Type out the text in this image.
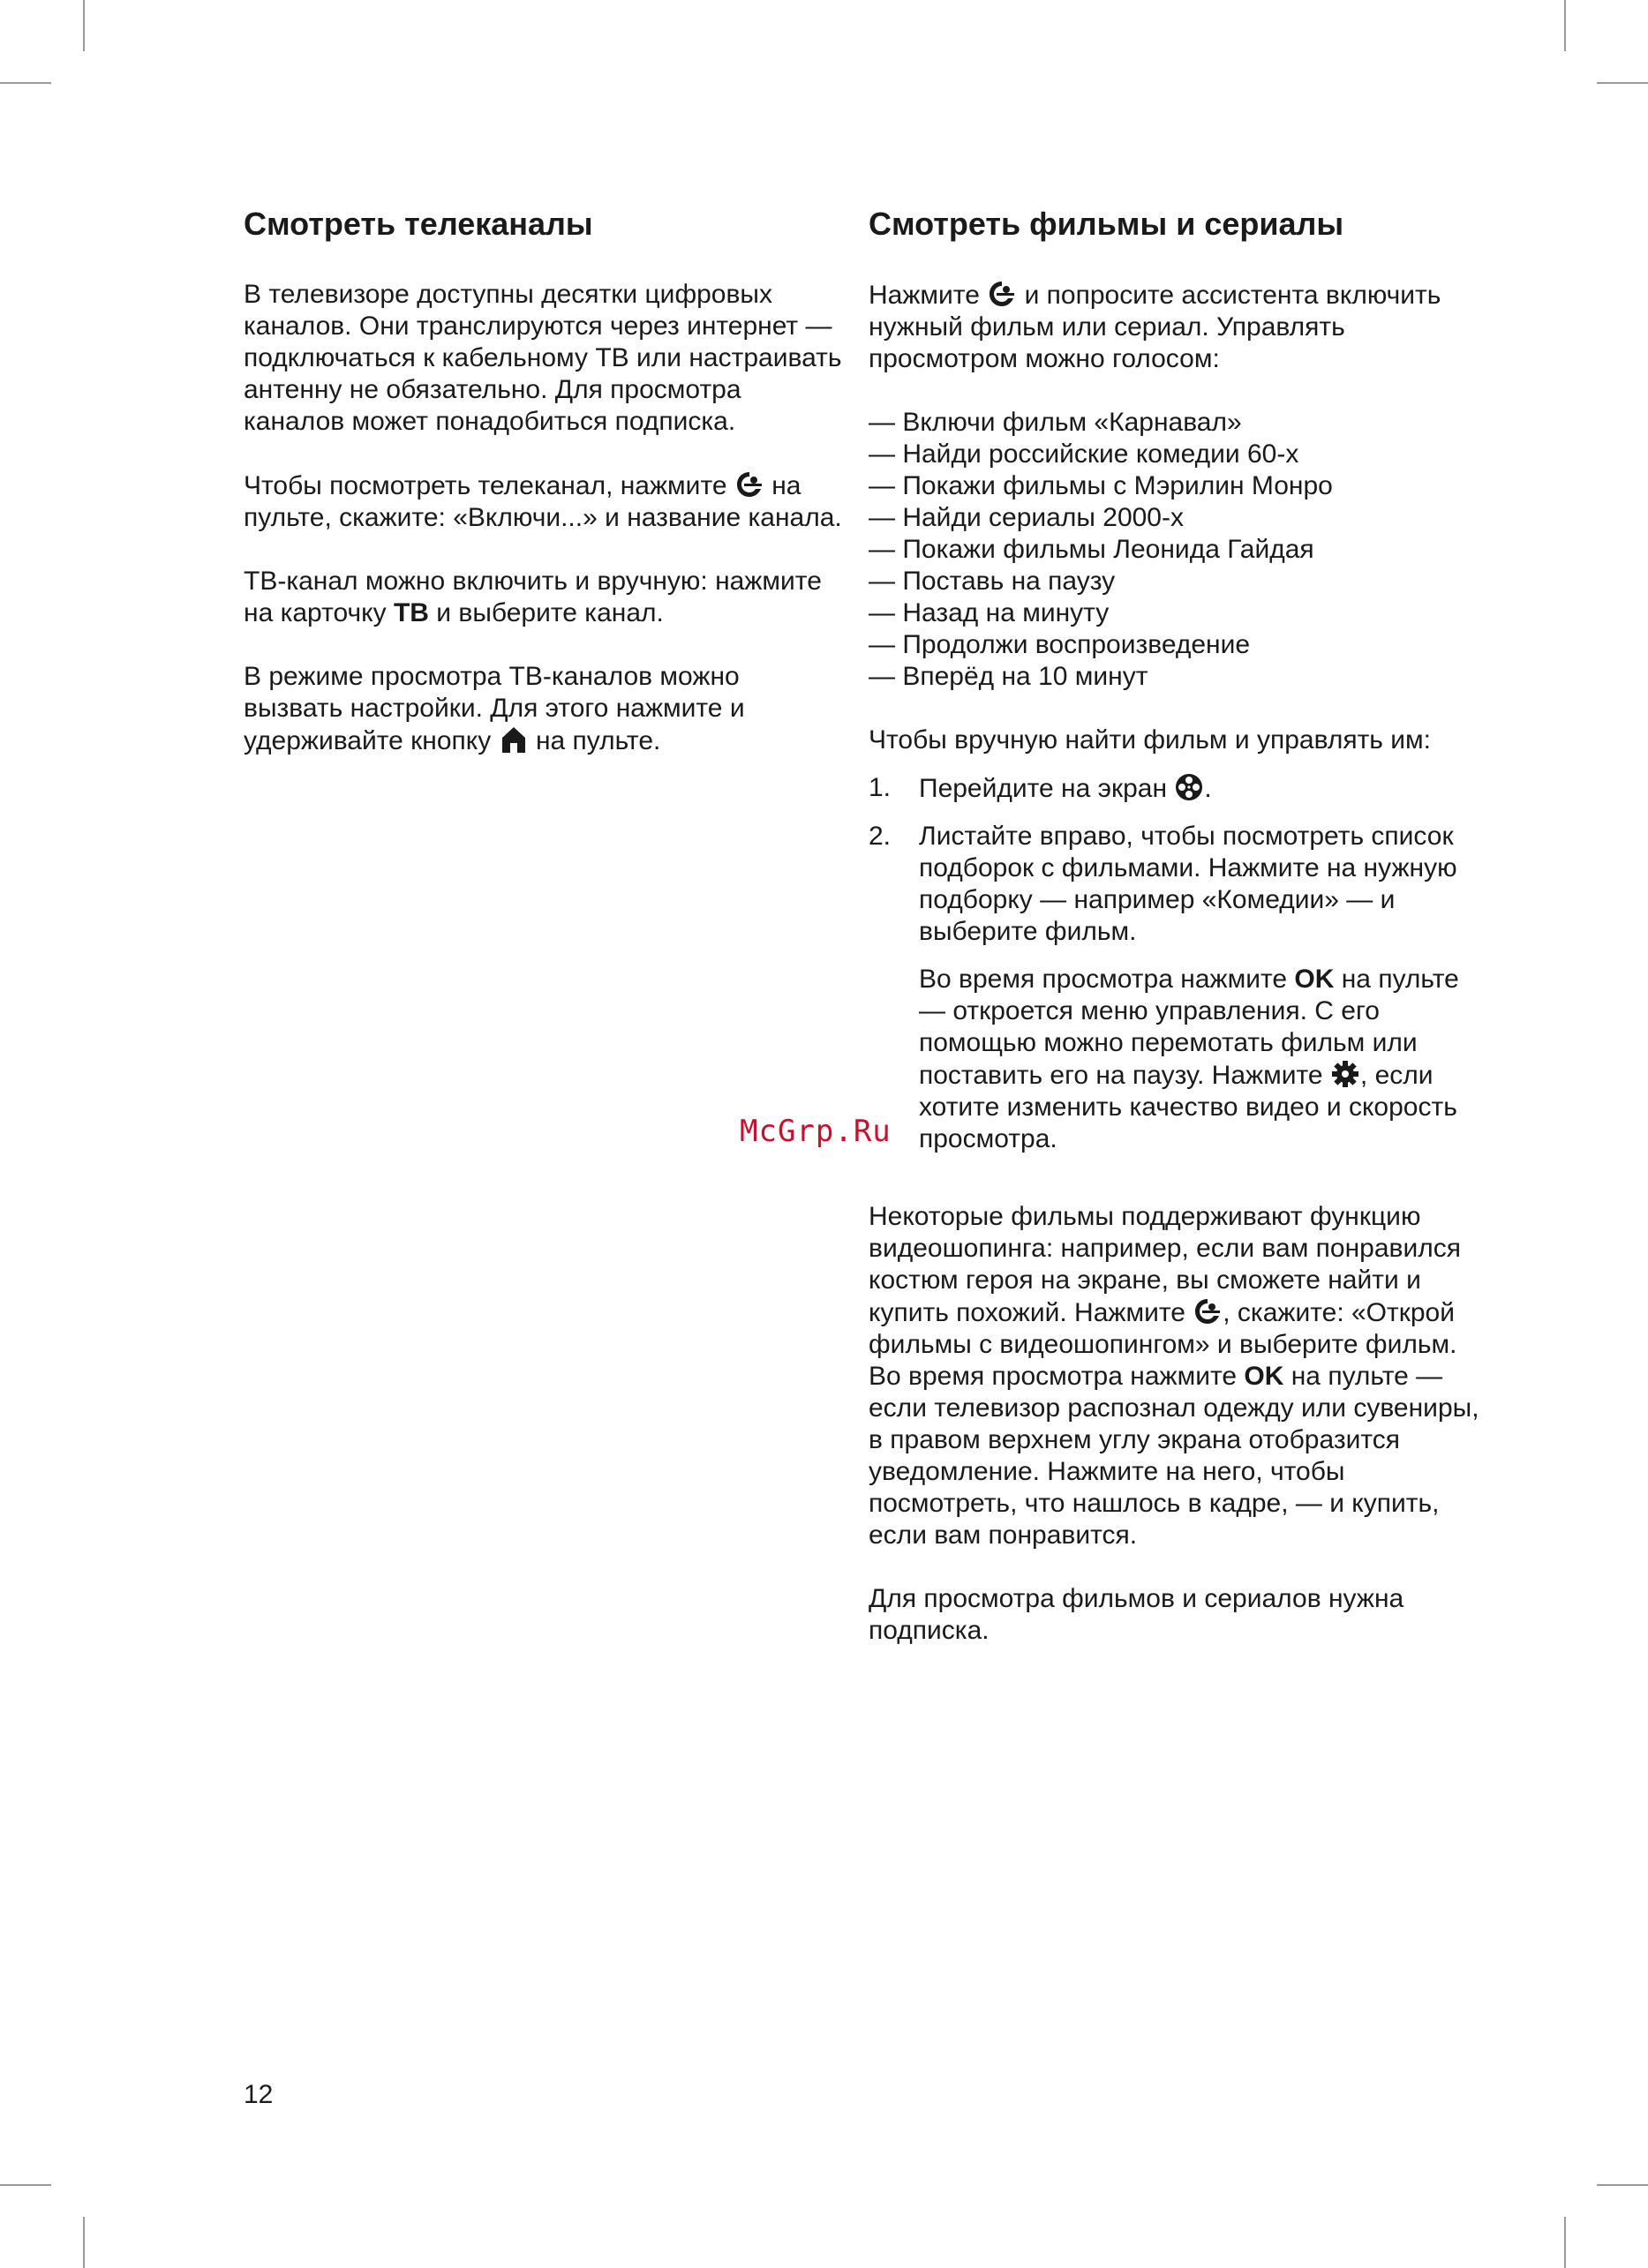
Смотреть телеканалы

В телевизоре доступны десятки цифровых каналов. Они транслируются через интернет — подключаться к кабельному ТВ или настраивать антенну не обязательно. Для просмотра каналов может понадобиться подписка.

Чтобы посмотреть телеканал, нажмите на пульте, скажите: «Включи...» и название канала.

ТВ-канал можно включить и вручную: нажмите на карточку ТВ и выберите канал.

В режиме просмотра ТВ-каналов можно вызвать настройки. Для этого нажмите и удерживайте кнопку на пульте.

Смотреть фильмы и сериалы

Нажмите и попросите ассистента включить нужный фильм или сериал. Управлять просмотром можно голосом:

— Включи фильм «Карнавал»
— Найди российские комедии 60-х
— Покажи фильмы с Мэрилин Монро
— Найди сериалы 2000-х
— Покажи фильмы Леонида Гайдая
— Поставь на паузу
— Назад на минуту
— Продолжи воспроизведение
— Вперёд на 10 минут

Чтобы вручную найти фильм и управлять им:

1. Перейдите на экран .
2. Листайте вправо, чтобы посмотреть список подборок с фильмами. Нажмите на нужную подборку — например «Комедии» — и выберите фильм.

Во время просмотра нажмите OK на пульте — откроется меню управления. С его помощью можно перемотать фильм или поставить его на паузу. Нажмите , если хотите изменить качество видео и скорость просмотра.

Некоторые фильмы поддерживают функцию видеошопинга: например, если вам понравился костюм героя на экране, вы сможете найти и купить похожий. Нажмите , скажите: «Открой фильмы с видеошопингом» и выберите фильм. Во время просмотра нажмите OK на пульте — если телевизор распознал одежду или сувениры, в правом верхнем углу экрана отобразится уведомление. Нажмите на него, чтобы посмотреть, что нашлось в кадре, — и купить, если вам понравится.

Для просмотра фильмов и сериалов нужна подписка.

McGrp.Ru
12
